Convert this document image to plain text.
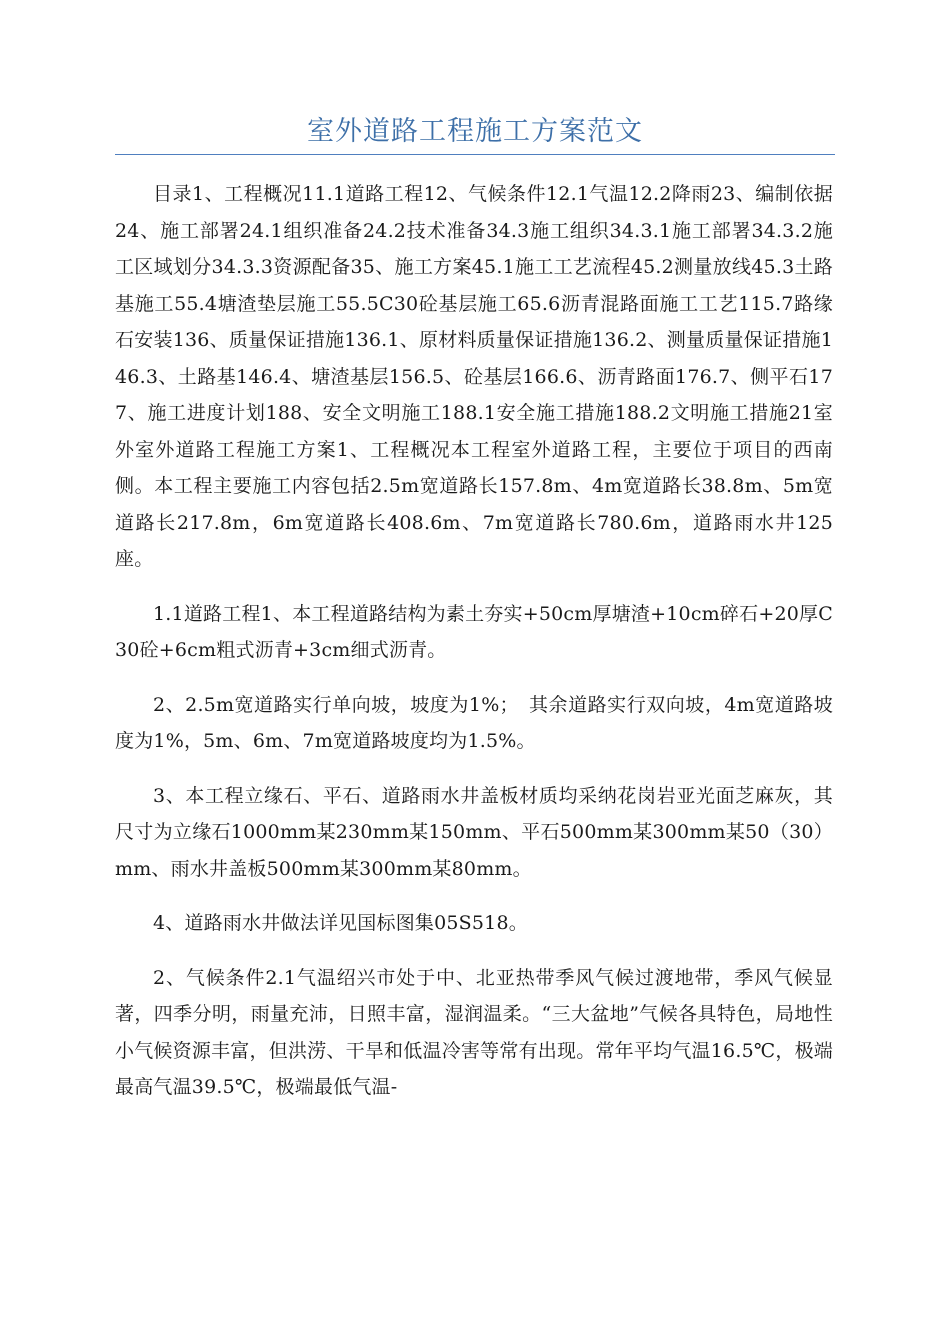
室外道路工程施工方案范文

目录1、工程概况11.1道路工程12、气候条件12.1气温12.2降雨23、编制依据24、施工部署24.1组织准备24.2技术准备34.3施工组织34.3.1施工部署34.3.2施工区域划分34.3.3资源配备35、施工方案45.1施工工艺流程45.2测量放线45.3土路基施工55.4塘渣垫层施工55.5C30砼基层施工65.6沥青混路面施工工艺115.7路缘石安装136、质量保证措施136.1、原材料质量保证措施136.2、测量质量保证措施146.3、土路基146.4、塘渣基层156.5、砼基层166.6、沥青路面176.7、侧平石177、施工进度计划188、安全文明施工188.1安全施工措施188.2文明施工措施21室外室外道路工程施工方案1、工程概况本工程室外道路工程，主要位于项目的西南侧。本工程主要施工内容包括2.5m宽道路长157.8m、4m宽道路长38.8m、5m宽道路长217.8m，6m宽道路长408.6m、7m宽道路长780.6m，道路雨水井125座。

1.1道路工程1、本工程道路结构为素土夯实+50cm厚塘渣+10cm碎石+20厚C30砼+6cm粗式沥青+3cm细式沥青。

2、2.5m宽道路实行单向坡，坡度为1%；　其余道路实行双向坡，4m宽道路坡度为1%，5m、6m、7m宽道路坡度均为1.5%。

3、本工程立缘石、平石、道路雨水井盖板材质均采纳花岗岩亚光面芝麻灰，其尺寸为立缘石1000mm某230mm某150mm、平石500mm某300mm某50（30）mm、雨水井盖板500mm某300mm某80mm。

4、道路雨水井做法详见国标图集05S518。

2、气候条件2.1气温绍兴市处于中、北亚热带季风气候过渡地带，季风气候显著，四季分明，雨量充沛，日照丰富，湿润温柔。“三大盆地”气候各具特色，局地性小气候资源丰富，但洪涝、干旱和低温冷害等常有出现。常年平均气温16.5℃，极端最高气温39.5℃，极端最低气温-
